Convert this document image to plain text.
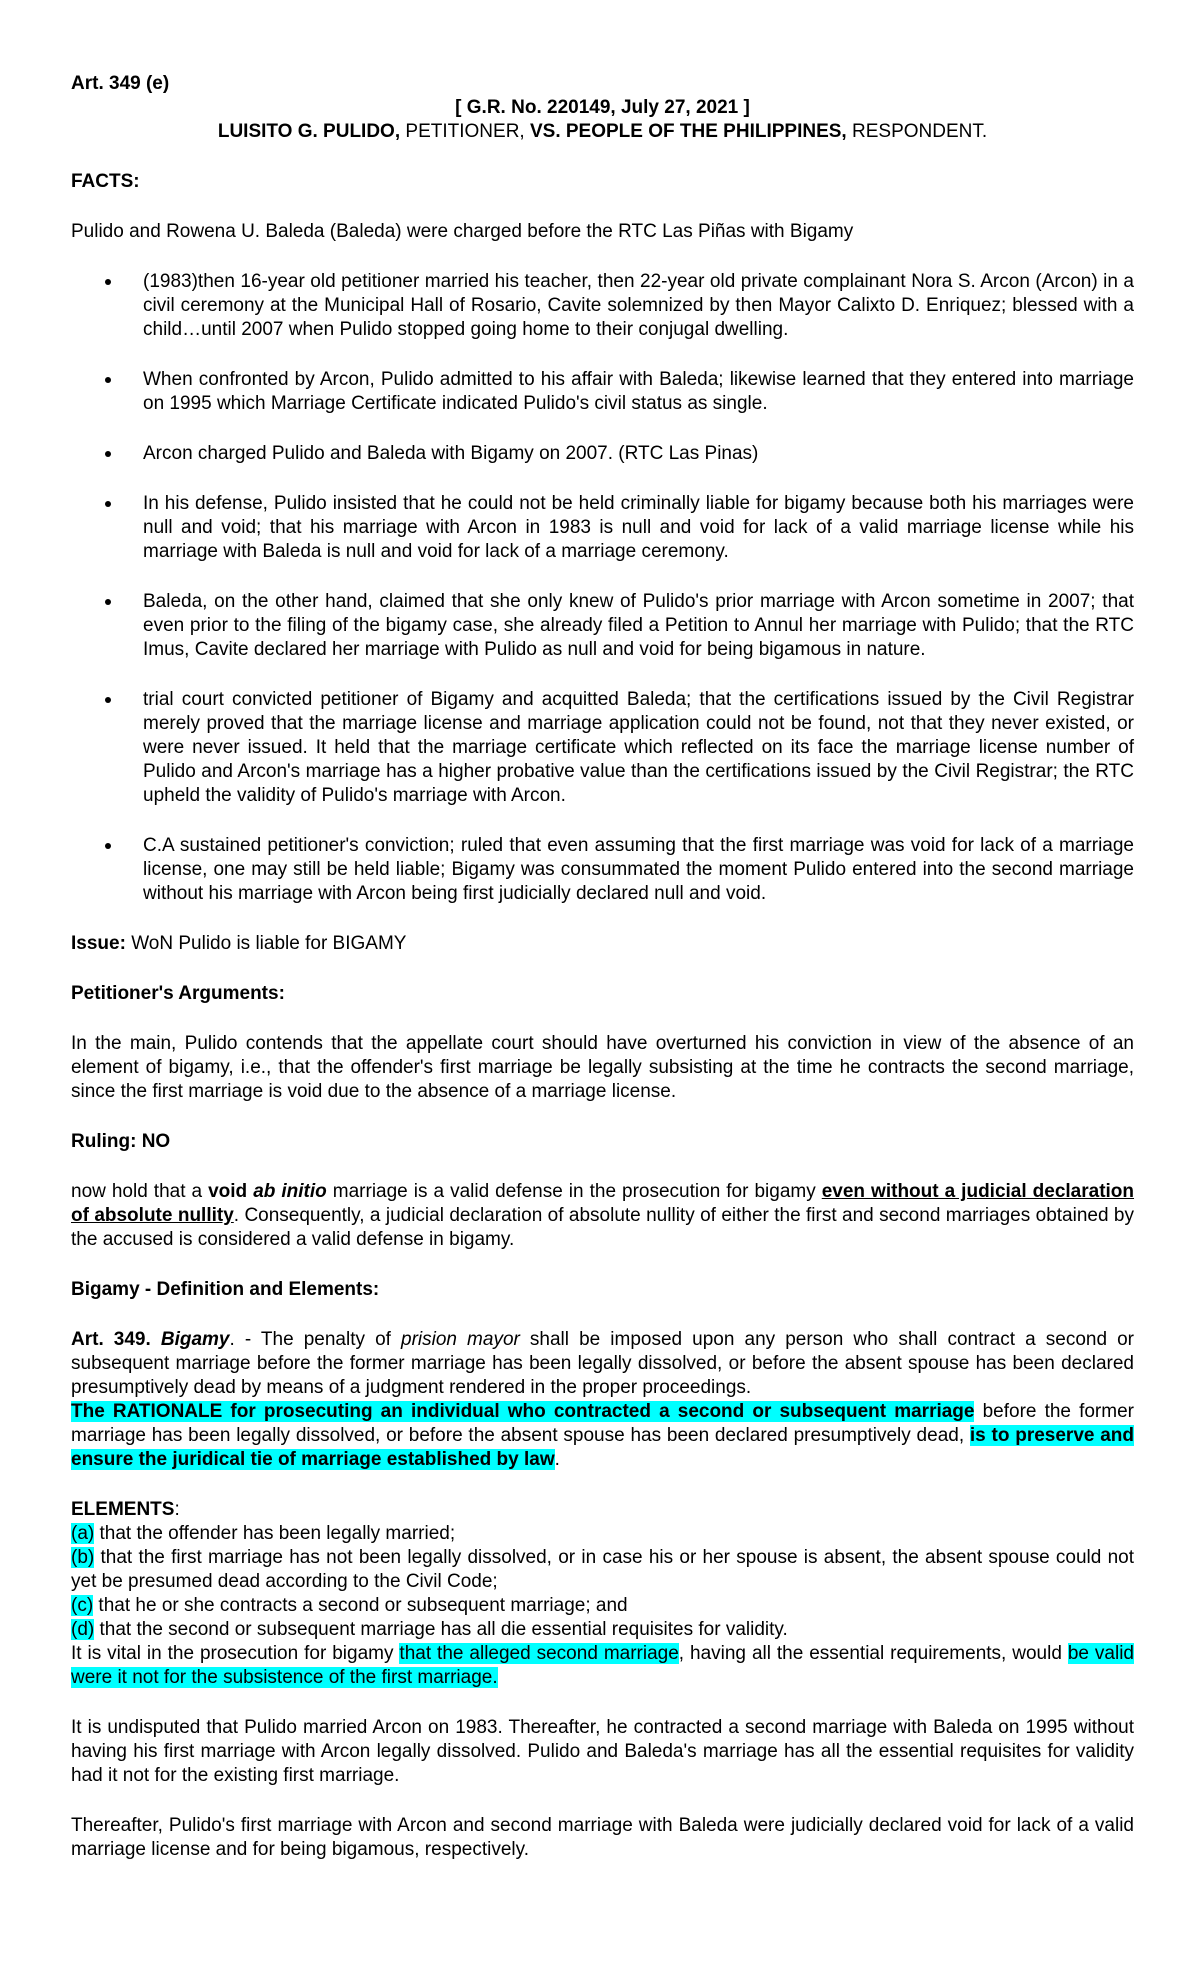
Art. 349 (e)

[ G.R. No. 220149, July 27, 2021 ]

LUISITO G. PULIDO, PETITIONER, VS. PEOPLE OF THE PHILIPPINES, RESPONDENT.

FACTS:

Pulido and Rowena U. Baleda (Baleda) were charged before the RTC Las Piñas with Bigamy

(1983)then 16-year old petitioner married his teacher, then 22-year old private complainant Nora S. Arcon (Arcon) in a civil ceremony at the Municipal Hall of Rosario, Cavite solemnized by then Mayor Calixto D. Enriquez; blessed with a child…until 2007 when Pulido stopped going home to their conjugal dwelling.
When confronted by Arcon, Pulido admitted to his affair with Baleda; likewise learned that they entered into marriage on 1995 which Marriage Certificate indicated Pulido's civil status as single.
Arcon charged Pulido and Baleda with Bigamy on 2007. (RTC Las Pinas)
In his defense, Pulido insisted that he could not be held criminally liable for bigamy because both his marriages were null and void; that his marriage with Arcon in 1983 is null and void for lack of a valid marriage license while his marriage with Baleda is null and void for lack of a marriage ceremony.
Baleda, on the other hand, claimed that she only knew of Pulido's prior marriage with Arcon sometime in 2007; that even prior to the filing of the bigamy case, she already filed a Petition to Annul her marriage with Pulido; that the RTC Imus, Cavite declared her marriage with Pulido as null and void for being bigamous in nature.
trial court convicted petitioner of Bigamy and acquitted Baleda; that the certifications issued by the Civil Registrar merely proved that the marriage license and marriage application could not be found, not that they never existed, or were never issued. It held that the marriage certificate which reflected on its face the marriage license number of Pulido and Arcon's marriage has a higher probative value than the certifications issued by the Civil Registrar; the RTC upheld the validity of Pulido's marriage with Arcon.
C.A sustained petitioner's conviction; ruled that even assuming that the first marriage was void for lack of a marriage license, one may still be held liable; Bigamy was consummated the moment Pulido entered into the second marriage without his marriage with Arcon being first judicially declared null and void.

Issue: WoN Pulido is liable for BIGAMY

Petitioner's Arguments:

In the main, Pulido contends that the appellate court should have overturned his conviction in view of the absence of an element of bigamy, i.e., that the offender's first marriage be legally subsisting at the time he contracts the second marriage, since the first marriage is void due to the absence of a marriage license.

Ruling: NO

now hold that a void ab initio marriage is a valid defense in the prosecution for bigamy even without a judicial declaration of absolute nullity. Consequently, a judicial declaration of absolute nullity of either the first and second marriages obtained by the accused is considered a valid defense in bigamy.

Bigamy - Definition and Elements:

Art. 349. Bigamy. - The penalty of prision mayor shall be imposed upon any person who shall contract a second or subsequent marriage before the former marriage has been legally dissolved, or before the absent spouse has been declared presumptively dead by means of a judgment rendered in the proper proceedings.

The RATIONALE for prosecuting an individual who contracted a second or subsequent marriage before the former marriage has been legally dissolved, or before the absent spouse has been declared presumptively dead, is to preserve and ensure the juridical tie of marriage established by law.

ELEMENTS:

(a) that the offender has been legally married;

(b) that the first marriage has not been legally dissolved, or in case his or her spouse is absent, the absent spouse could not yet be presumed dead according to the Civil Code;

(c) that he or she contracts a second or subsequent marriage; and

(d) that the second or subsequent marriage has all die essential requisites for validity.

It is vital in the prosecution for bigamy that the alleged second marriage, having all the essential requirements, would be valid were it not for the subsistence of the first marriage.

It is undisputed that Pulido married Arcon on 1983. Thereafter, he contracted a second marriage with Baleda on 1995 without having his first marriage with Arcon legally dissolved. Pulido and Baleda's marriage has all the essential requisites for validity had it not for the existing first marriage.

Thereafter, Pulido's first marriage with Arcon and second marriage with Baleda were judicially declared void for lack of a valid marriage license and for being bigamous, respectively.
